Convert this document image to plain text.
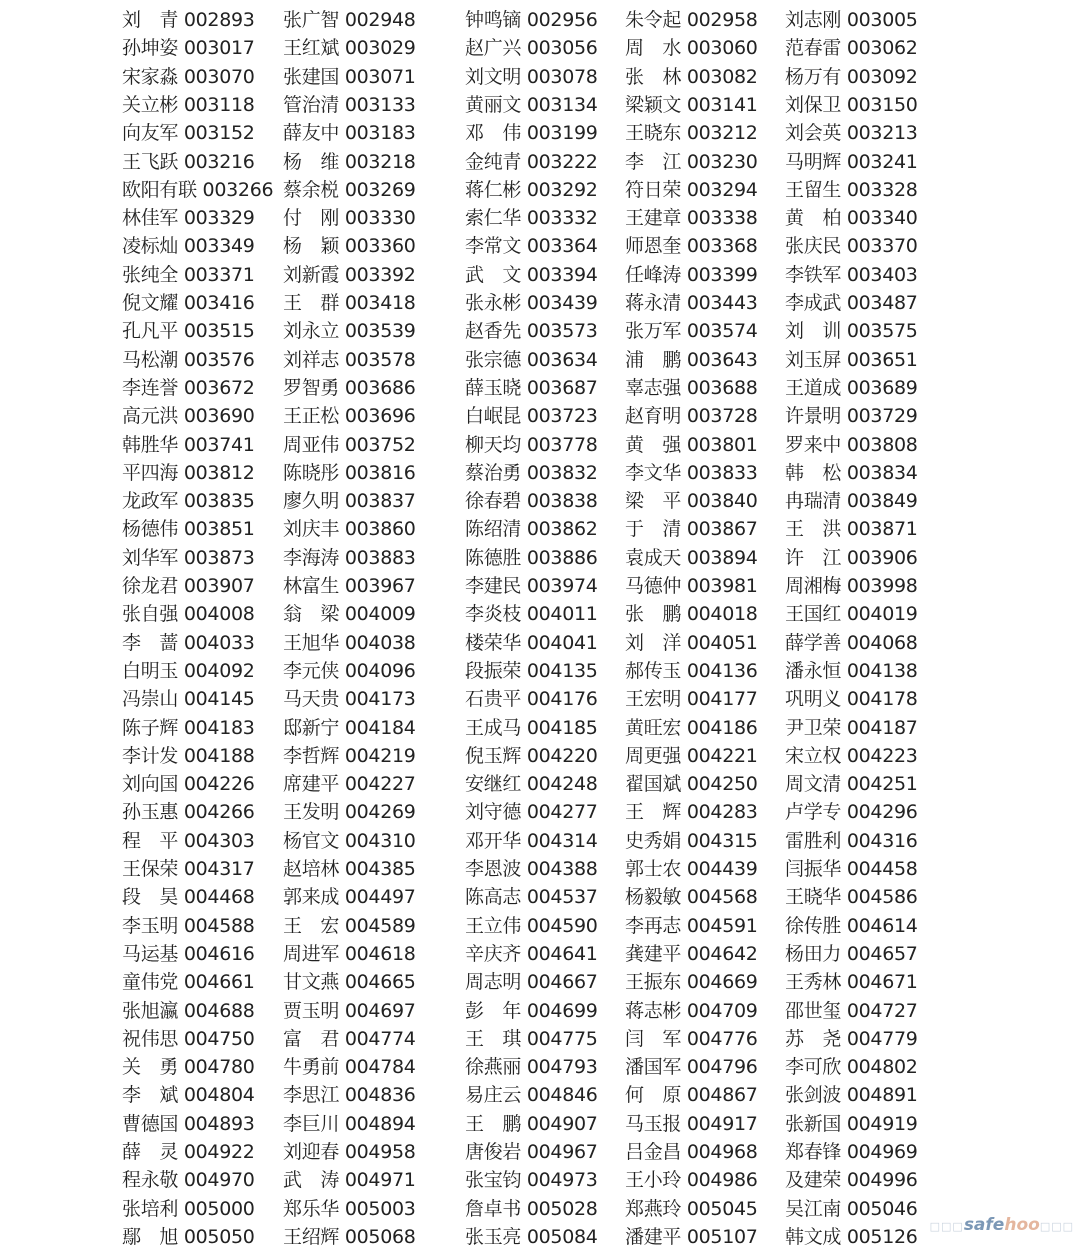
刘　青 002893 张广智 002948	钟鸣镝 002956 朱令起 002958 刘志刚 003005
孙坤姿 003017 王红斌 003029	赵广兴 003056 周　水 003060 范春雷 003062
宋家淼 003070 张建国 003071	刘文明 003078 张　林 003082 杨万有 003092
关立彬 003118 管治清 003133	黄丽文 003134 梁颖文 003141 刘保卫 003150
向友军 003152 薛友中 003183	邓　伟 003199 王晓东 003212 刘会英 003213
王飞跃 003216 杨　维 003218	金纯青 003222 李　江 003230 马明辉 003241
欧阳有联 003266 蔡余棁 003269	蒋仁彬 003292 符日荣 003294 王留生 003328
林佳军 003329 付　刚 003330	索仁华 003332 王建章 003338 黄　柏 003340
凌标灿 003349 杨　颖 003360	李常文 003364 师恩奎 003368 张庆民 003370
张纯全 003371 刘新霞 003392	武　文 003394 任峰涛 003399 李铁军 003403
倪文耀 003416 王　群 003418	张永彬 003439 蒋永清 003443 李成武 003487
孔凡平 003515 刘永立 003539	赵香先 003573 张万军 003574 刘　训 003575
马松潮 003576 刘祥志 003578	张宗德 003634 浦　鹏 003643 刘玉屏 003651
李连誉 003672 罗智勇 003686	薛玉晓 003687 辜志强 003688 王道成 003689
高元洪 003690 王正松 003696	白岷昆 003723 赵育明 003728 许景明 003729
韩胜华 003741 周亚伟 003752	柳天均 003778 黄　强 003801 罗来中 003808
平四海 003812 陈晓彤 003816	蔡治勇 003832 李文华 003833 韩　松 003834
龙政军 003835 廖久明 003837	徐春碧 003838 梁　平 003840 冉瑞清 003849
杨德伟 003851 刘庆丰 003860	陈绍清 003862 于　清 003867 王　洪 003871
刘华军 003873 李海涛 003883	陈德胜 003886 袁成天 003894 许　江 003906
徐龙君 003907 林富生 003967	李建民 003974 马德仲 003981 周湘梅 003998
张自强 004008 翁　梁 004009	李炎枝 004011 张　鹏 004018 王国红 004019
李　蔷 004033 王旭华 004038	楼荣华 004041 刘　洋 004051 薛学善 004068
白明玉 004092 李元侠 004096	段振荣 004135 郝传玉 004136 潘永恒 004138
冯崇山 004145 马天贵 004173	石贵平 004176 王宏明 004177 巩明义 004178
陈子辉 004183 邸新宁 004184	王成马 004185 黄旺宏 004186 尹卫荣 004187
李计发 004188 李哲辉 004219	倪玉辉 004220 周更强 004221 宋立权 004223
刘向国 004226 席建平 004227	安继红 004248 翟国斌 004250 周文清 004251
孙玉惠 004266 王发明 004269	刘守德 004277 王　辉 004283 卢学专 004296
程　平 004303 杨官文 004310	邓开华 004314 史秀娟 004315 雷胜利 004316
王保荣 004317 赵培林 004385	李恩波 004388 郭士农 004439 闫振华 004458
段　昊 004468 郭来成 004497	陈高志 004537 杨毅敏 004568 王晓华 004586
李玉明 004588 王　宏 004589	王立伟 004590 李再志 004591 徐传胜 004614
马运基 004616 周进军 004618	辛庆齐 004641 龚建平 004642 杨田力 004657
童伟党 004661 甘文燕 004665	周志明 004667 王振东 004669 王秀林 004671
张旭瀛 004688 贾玉明 004697	彭　年 004699 蒋志彬 004709 邵世玺 004727
祝伟思 004750 富　君 004774	王　琪 004775 闫　军 004776 苏　尧 004779
关　勇 004780 牛勇前 004784	徐燕丽 004793 潘国军 004796 李可欣 004802
李　斌 004804 李思江 004836	易庄云 004846 何　原 004867 张剑波 004891
曹德国 004893 李巨川 004894	王　鹏 004907 马玉报 004917 张新国 004919
薛　灵 004922 刘迎春 004958	唐俊岩 004967 吕金昌 004968 郑春锋 004969
程永敬 004970 武　涛 004971	张宝钧 004973 王小玲 004986 及建荣 004996
张培利 005000 郑乐华 005003	詹卓书 005028 郑燕玲 005045 吴江南 005046
鄢　旭 005050 王绍辉 005068	张玉亮 005084 潘建平 005107 韩文成 005126 □□□safehoo□□□
